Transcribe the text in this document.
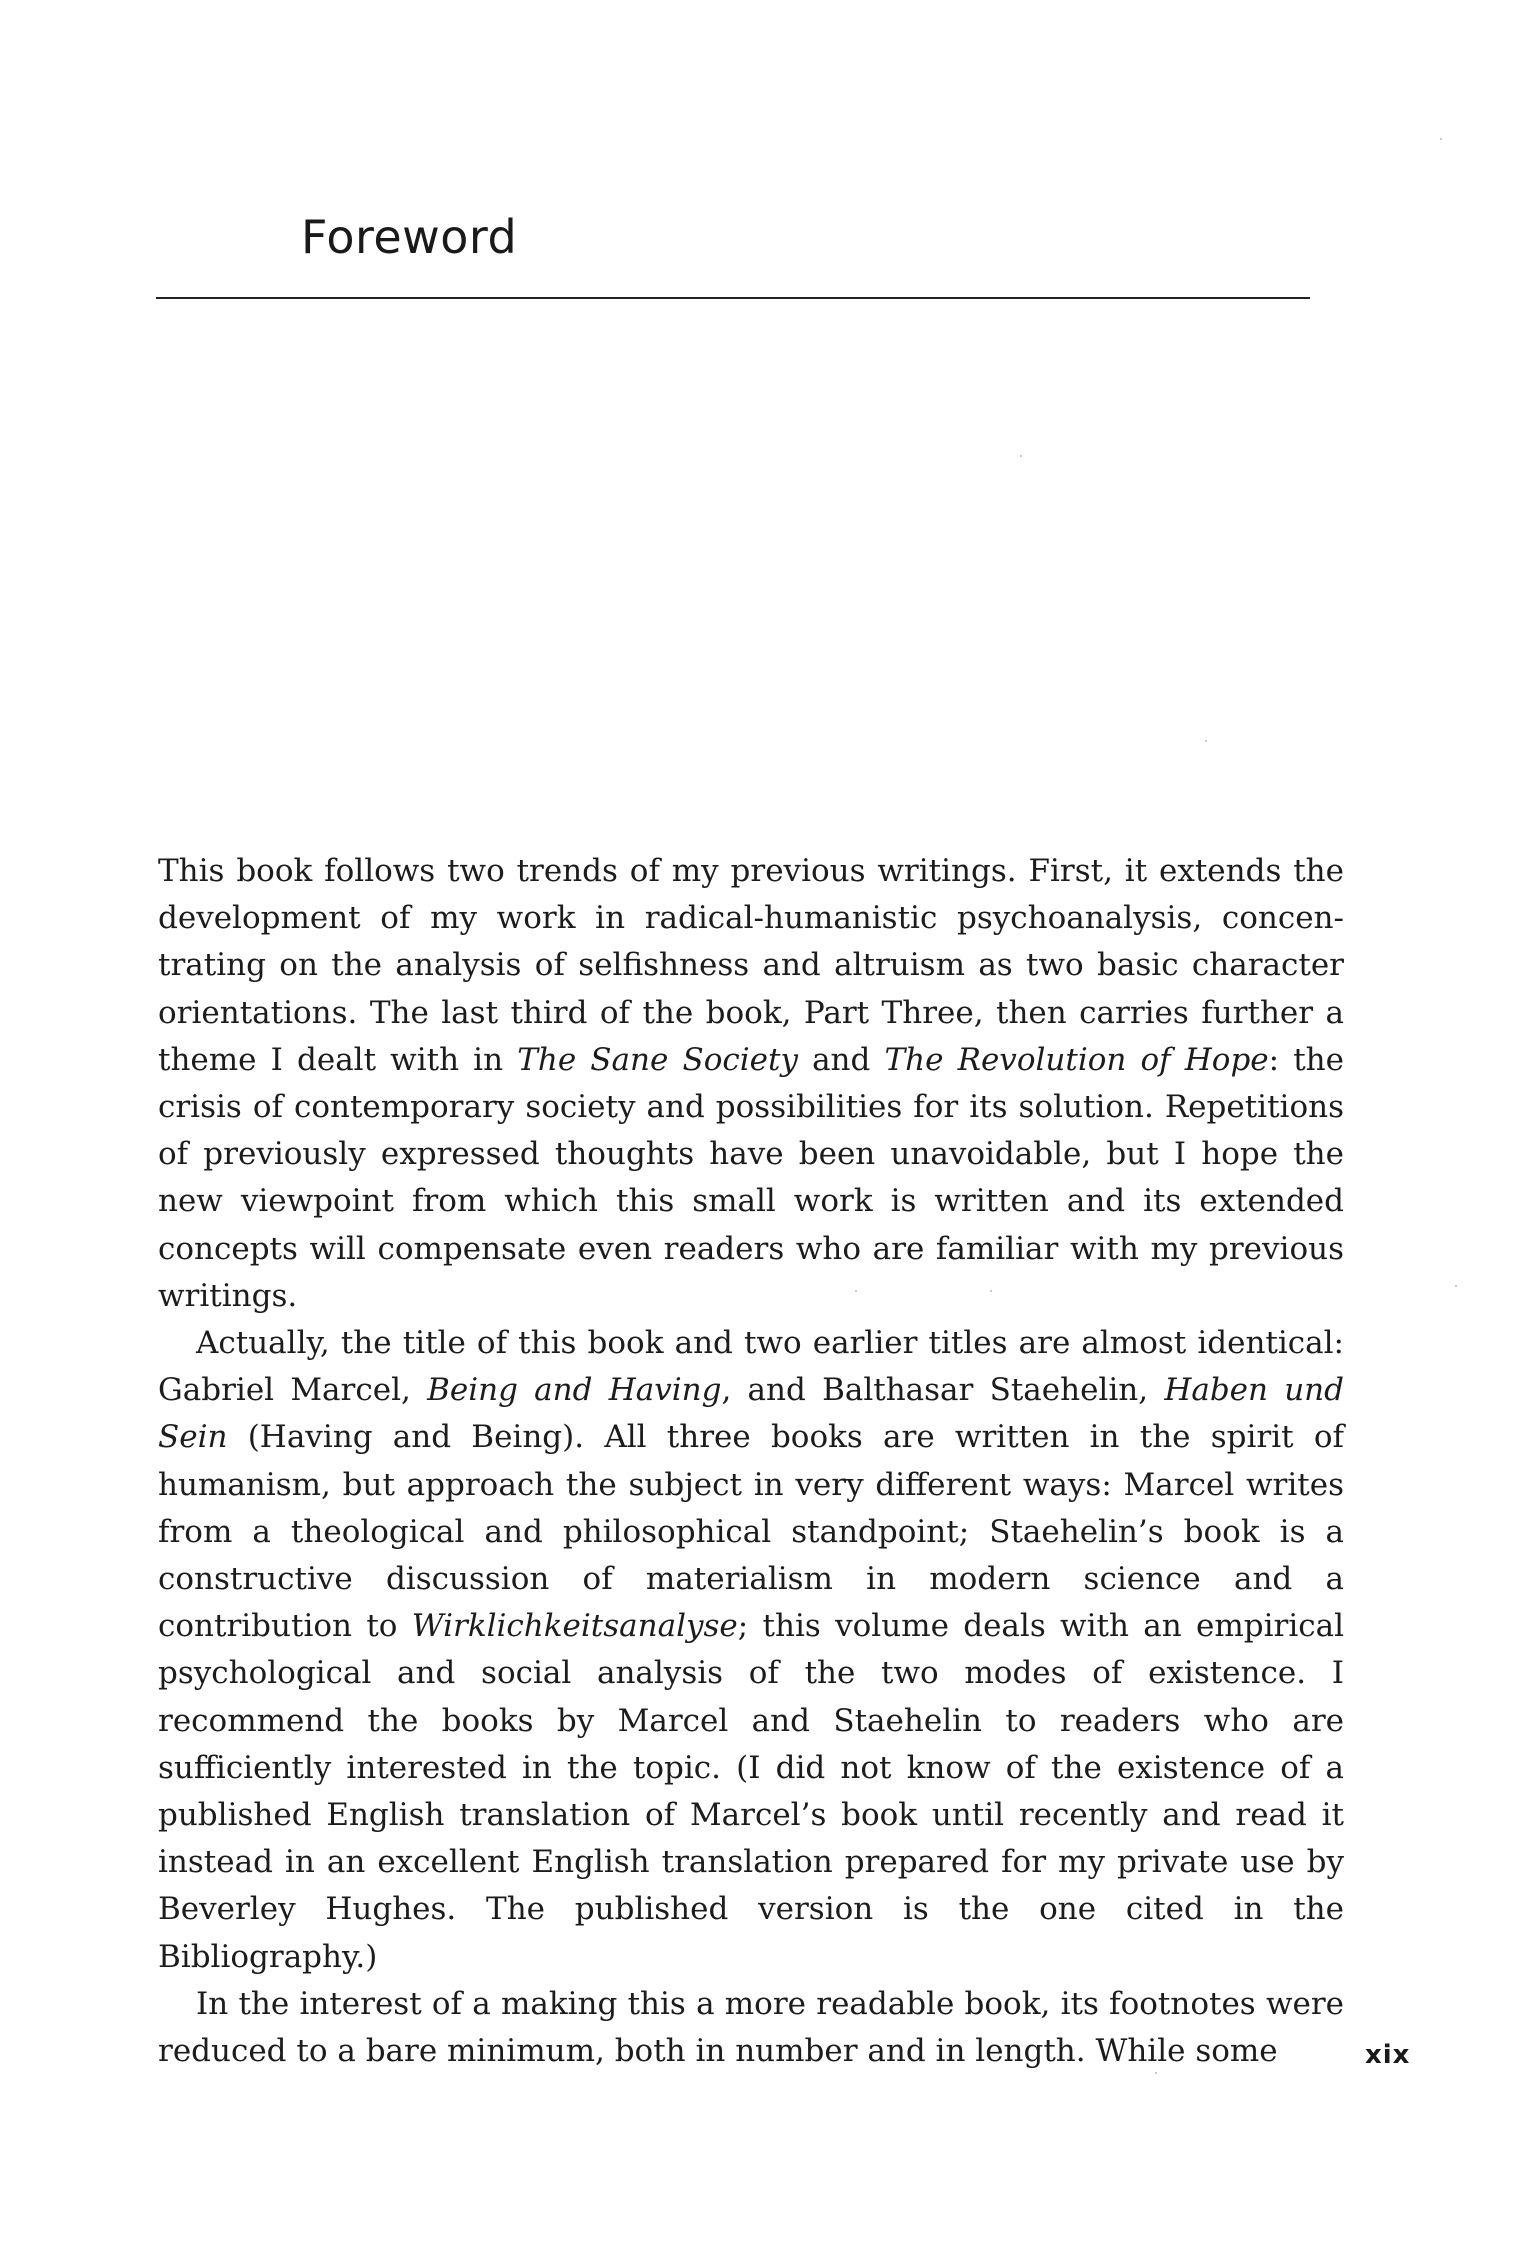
Foreword

This book follows two trends of my previous writings. First, it extends the development of my work in radical-humanistic psychoanalysis, concentrating on the analysis of selfishness and altruism as two basic character orientations. The last third of the book, Part Three, then carries further a theme I dealt with in The Sane Society and The Revolution of Hope: the crisis of contemporary society and possibilities for its solution. Repetitions of previously expressed thoughts have been unavoidable, but I hope the new viewpoint from which this small work is written and its extended concepts will compensate even readers who are familiar with my previous writings.

Actually, the title of this book and two earlier titles are almost identical: Gabriel Marcel, Being and Having, and Balthasar Staehelin, Haben und Sein (Having and Being). All three books are written in the spirit of humanism, but approach the subject in very different ways: Marcel writes from a theological and philosophical standpoint; Staehelin’s book is a constructive discussion of materialism in modern science and a contribution to Wirklichkeitsanalyse; this volume deals with an empirical psychological and social analysis of the two modes of existence. I recommend the books by Marcel and Staehelin to readers who are sufficiently interested in the topic. (I did not know of the existence of a published English translation of Marcel’s book until recently and read it instead in an excellent English translation prepared for my private use by Beverley Hughes. The published version is the one cited in the Bibliography.)

In the interest of a making this a more readable book, its footnotes were reduced to a bare minimum, both in number and in length. While some	xix
